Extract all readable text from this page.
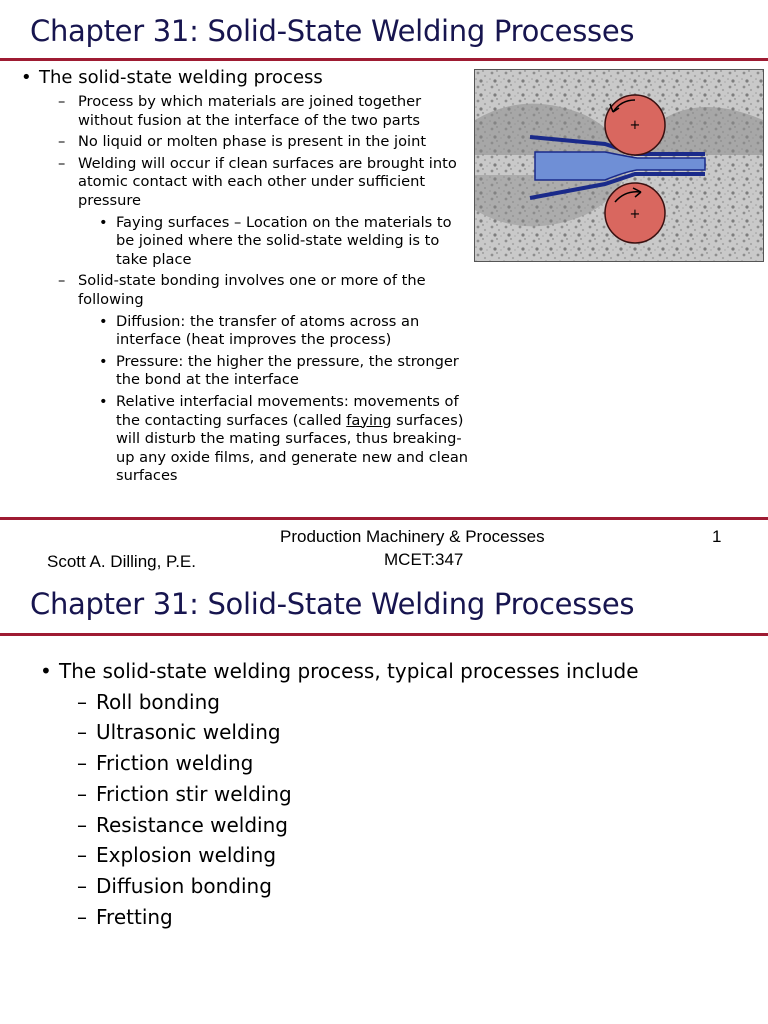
Chapter 31: Solid-State Welding Processes
• The solid-state welding process
– Process by which materials are joined together without fusion at the interface of the two parts
– No liquid or molten phase is present in the joint
– Welding will occur if clean surfaces are brought into atomic contact with each other under sufficient pressure
• Faying surfaces – Location on the materials to be joined where the solid-state welding is to take place
– Solid-state bonding involves one or more of the following
• Diffusion: the transfer of atoms across an interface (heat improves the process)
• Pressure: the higher the pressure, the stronger the bond at the interface
• Relative interfacial movements: movements of the contacting surfaces (called faying surfaces) will disturb the mating surfaces, thus breaking-up any oxide films, and generate new and clean surfaces
+
+
Production Machinery & Processes	1
Scott A. Dilling, P.E.	MCET:347
Chapter 31: Solid-State Welding Processes
• The solid-state welding process, typical processes include
– Roll bonding
– Ultrasonic welding
– Friction welding
– Friction stir welding
– Resistance welding
– Explosion welding
– Diffusion bonding
– Fretting
